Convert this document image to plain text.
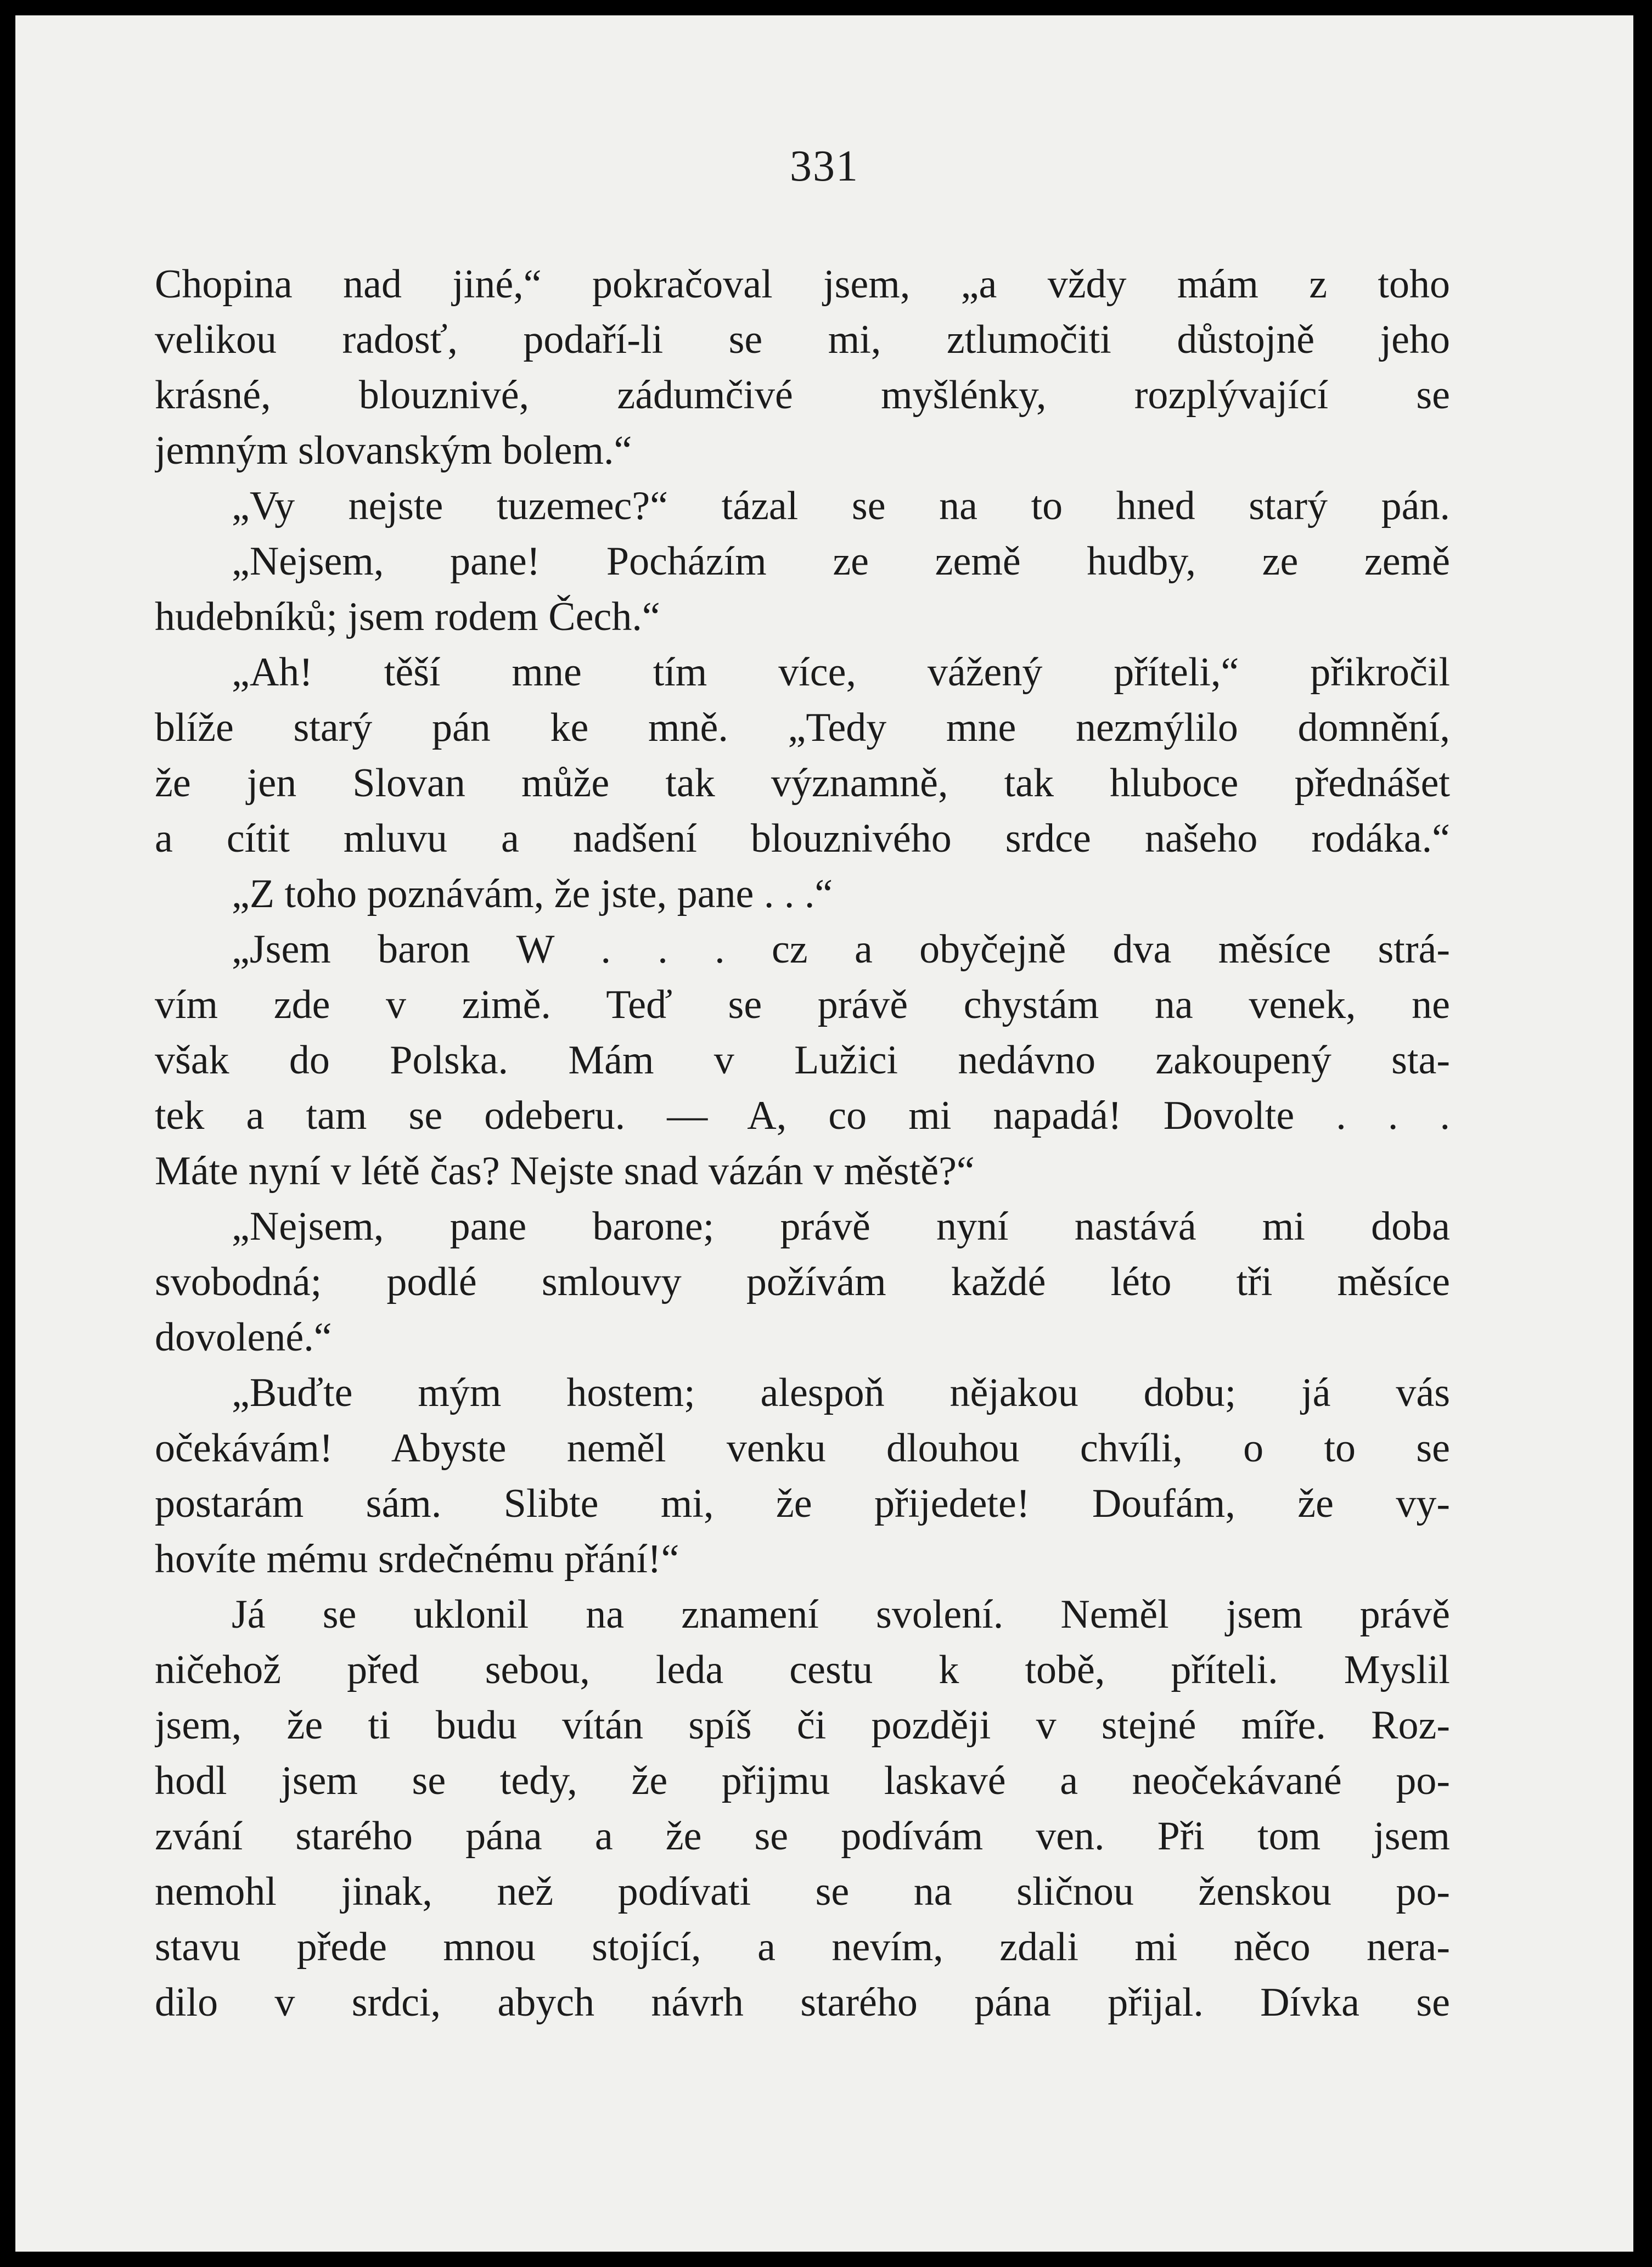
331
Chopina nad jiné,“ pokračoval jsem, „a vždy mám z toho
velikou radosť, podaří-li se mi, ztlumočiti důstojně jeho
krásné, blouznivé, zádumčivé myšlénky, rozplývající se
jemným slovanským bolem.“
„Vy nejste tuzemec?“ tázal se na to hned starý pán.
„Nejsem, pane! Pocházím ze země hudby, ze země
hudebníků; jsem rodem Čech.“
„Ah! těší mne tím více, vážený příteli,“ přikročil
blíže starý pán ke mně. „Tedy mne nezmýlilo domnění,
že jen Slovan může tak významně, tak hluboce přednášet
a cítit mluvu a nadšení blouznivého srdce našeho rodáka.“
„Z toho poznávám, že jste, pane . . .“
„Jsem baron W . . . cz a obyčejně dva měsíce strá-
vím zde v zimě. Teď se právě chystám na venek, ne
však do Polska. Mám v Lužici nedávno zakoupený sta-
tek a tam se odeberu. — A, co mi napadá! Dovolte . . .
Máte nyní v létě čas? Nejste snad vázán v městě?“
„Nejsem, pane barone; právě nyní nastává mi doba
svobodná; podlé smlouvy požívám každé léto tři měsíce
dovolené.“
„Buďte mým hostem; alespoň nějakou dobu; já vás
očekávám! Abyste neměl venku dlouhou chvíli, o to se
postarám sám. Slibte mi, že přijedete! Doufám, že vy-
hovíte mému srdečnému přání!“
Já se uklonil na znamení svolení. Neměl jsem právě
ničehož před sebou, leda cestu k tobě, příteli. Myslil
jsem, že ti budu vítán spíš či později v stejné míře. Roz-
hodl jsem se tedy, že přijmu laskavé a neočekávané po-
zvání starého pána a že se podívám ven. Při tom jsem
nemohl jinak, než podívati se na sličnou ženskou po-
stavu přede mnou stojící, a nevím, zdali mi něco nera-
dilo v srdci, abych návrh starého pána přijal. Dívka se
